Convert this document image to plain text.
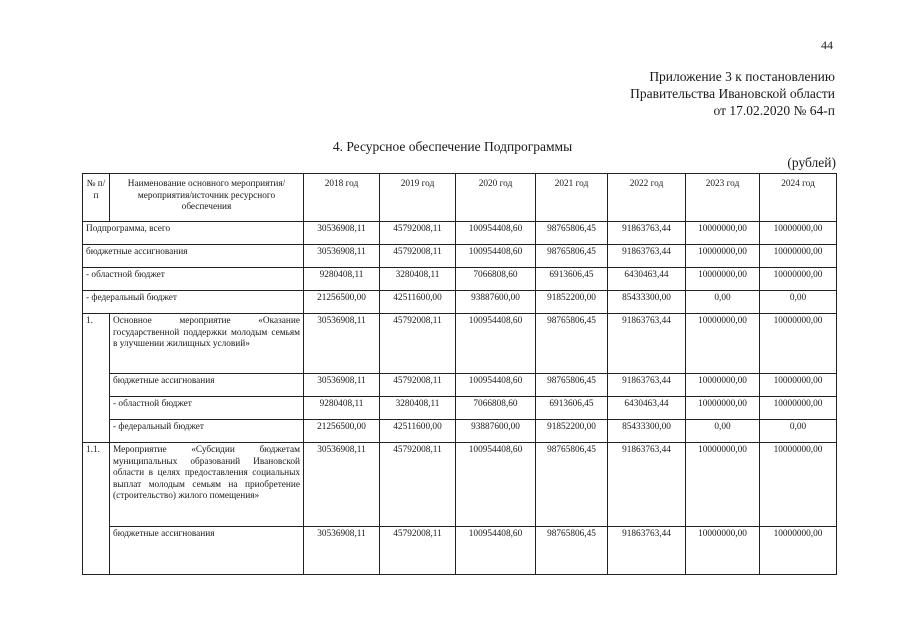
44
Приложение 3 к постановлению
Правительства Ивановской области
от 17.02.2020 № 64-п
4. Ресурсное обеспечение Подпрограммы
(рублей)
№ п/п	Наименование основного мероприятия/мероприятия/источник ресурсного обеспечения	2018 год	2019 год	2020 год	2021 год	2022 год	2023 год	2024 год
Подпрограмма, всего		30536908,11	45792008,11	100954408,60	98765806,45	91863763,44	10000000,00	10000000,00
бюджетные ассигнования		30536908,11	45792008,11	100954408,60	98765806,45	91863763,44	10000000,00	10000000,00
- областной бюджет		9280408,11	3280408,11	7066808,60	6913606,45	6430463,44	10000000,00	10000000,00
- федеральный бюджет		21256500,00	42511600,00	93887600,00	91852200,00	85433300,00	0,00	0,00
1.	Основное мероприятие «Оказание государственной поддержки молодым семьям в улучшении жилищных условий»	30536908,11	45792008,11	100954408,60	98765806,45	91863763,44	10000000,00	10000000,00
	бюджетные ассигнования	30536908,11	45792008,11	100954408,60	98765806,45	91863763,44	10000000,00	10000000,00
	- областной бюджет	9280408,11	3280408,11	7066808,60	6913606,45	6430463,44	10000000,00	10000000,00
	- федеральный бюджет	21256500,00	42511600,00	93887600,00	91852200,00	85433300,00	0,00	0,00
1.1.	Мероприятие «Субсидии бюджетам муниципальных образований Ивановской области в целях предоставления социальных выплат молодым семьям на приобретение (строительство) жилого помещения»	30536908,11	45792008,11	100954408,60	98765806,45	91863763,44	10000000,00	10000000,00
	бюджетные ассигнования	30536908,11	45792008,11	100954408,60	98765806,45	91863763,44	10000000,00	10000000,00
